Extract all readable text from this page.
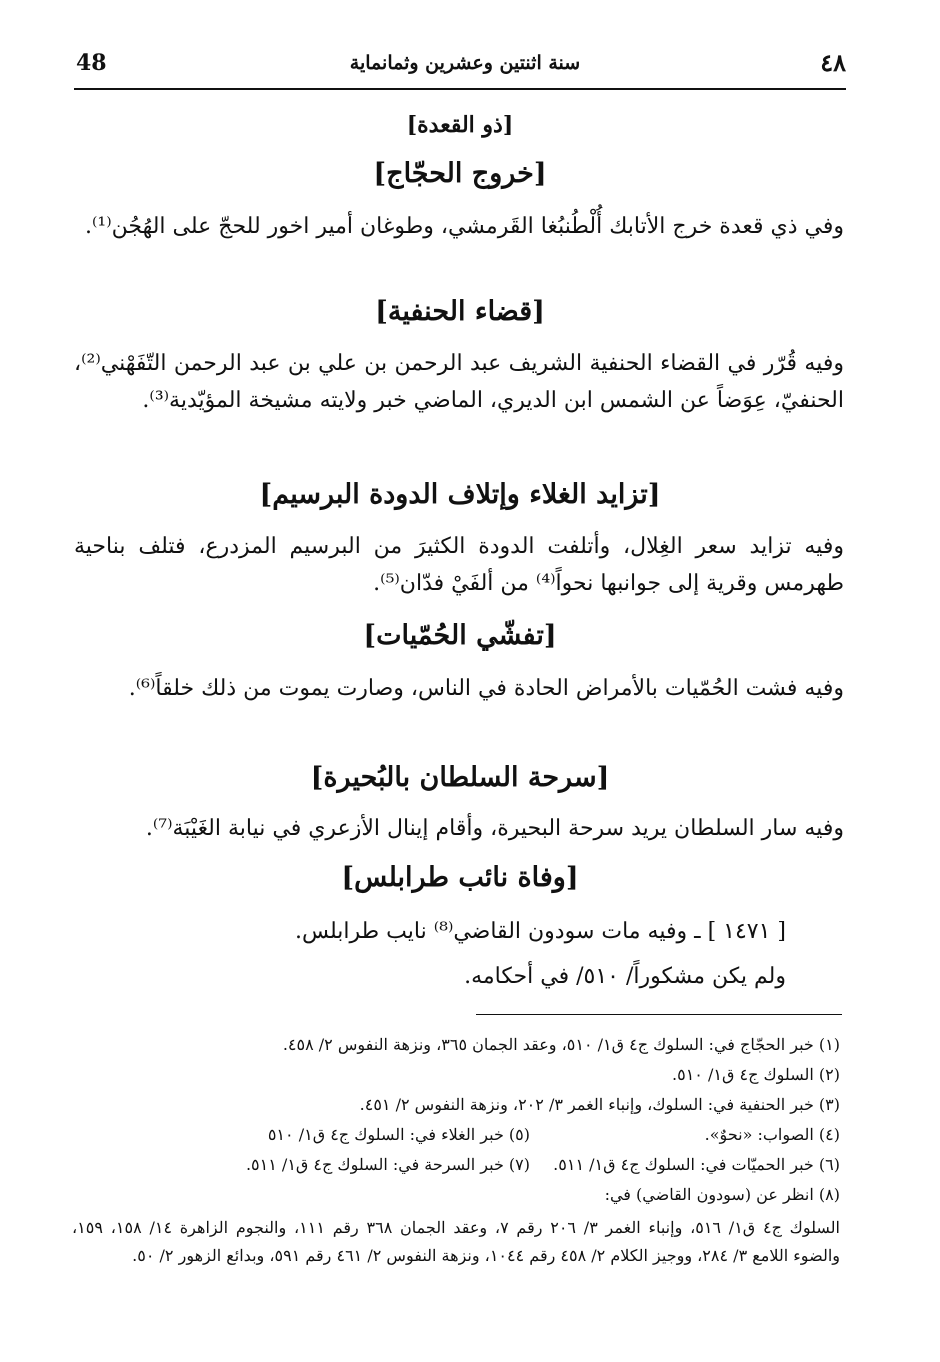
48	سنة اثنتين وعشرين وثمانماية	٤٨
[ذو القعدة]
[خروج الحجّاج]
وفي ذي قعدة خرج الأتابك أُلْطُنبُغا القَرمشي، وطوغان أمير اخور للحجّ على الهُجُن⁽¹⁾.
[قضاء الحنفية]
وفيه قُرّر في القضاء الحنفية الشريف عبد الرحمن بن علي بن عبد الرحمن التّفَهْني⁽²⁾، الحنفيّ، عِوَضاً عن الشمس ابن الديري، الماضي خبر ولايته مشيخة المؤيّدية⁽³⁾.
[تزايد الغلاء وإتلاف الدودة البرسيم]
وفيه تزايد سعر الغِلال، وأتلفت الدودة الكثيرَ من البرسيم المزدرع، فتلف بناحية طهرمس وقرية إلى جوانبها نحواً⁽⁴⁾ من ألفَيْ فدّان⁽⁵⁾.
[تفشّي الحُمّيات]
وفيه فشت الحُمّيات بالأمراض الحادة في الناس، وصارت يموت من ذلك خلقاً⁽⁶⁾.
[سرحة السلطان بالبُحيرة]
وفيه سار السلطان يريد سرحة البحيرة، وأقام إينال الأزعري في نيابة الغَيْبَة⁽⁷⁾.
[وفاة نائب طرابلس]
[ ١٤٧١ ] ـ وفيه مات سودون القاضي⁽⁸⁾ نايب طرابلس.
ولم يكن مشكوراً/ ٥١٠/ في أحكامه.
(١) خبر الحجّاج في: السلوك ج٤ ق١/ ٥١٠، وعقد الجمان ٣٦٥، ونزهة النفوس ٢/ ٤٥٨.
(٢) السلوك ج٤ ق١/ ٥١٠.
(٣) خبر الحنفية في: السلوك، وإنباء الغمر ٣/ ٢٠٢، ونزهة النفوس ٢/ ٤٥١.
(٤) الصواب: «نحوٌ».
(٥) خبر الغلاء في: السلوك ج٤ ق١/ ٥١٠
(٦) خبر الحميّات في: السلوك ج٤ ق١/ ٥١١.
(٧) خبر السرحة في: السلوك ج٤ ق١/ ٥١١.
(٨) انظر عن (سودون القاضي) في:
السلوك ج٤ ق١/ ٥١٦، وإنباء الغمر ٣/ ٢٠٦ رقم ٧، وعقد الجمان ٣٦٨ رقم ١١١، والنجوم الزاهرة ١٤/ ١٥٨، ١٥٩، والضوء اللامع ٣/ ٢٨٤، ووجيز الكلام ٢/ ٤٥٨ رقم ١٠٤٤، ونزهة النفوس ٢/ ٤٦١ رقم ٥٩١، وبدائع الزهور ٢/ ٥٠.
